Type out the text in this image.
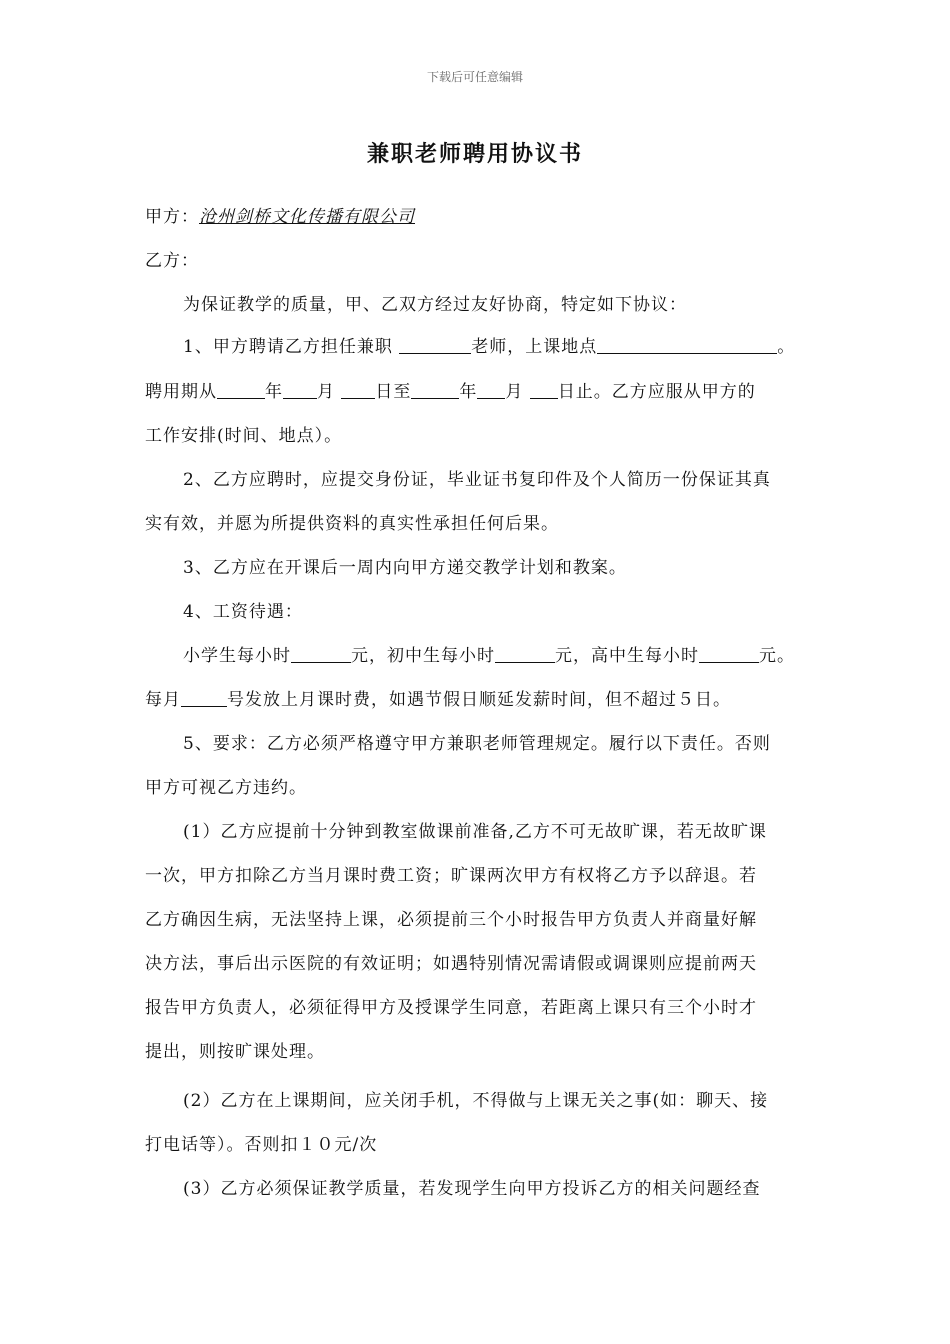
下载后可任意编辑
兼职老师聘用协议书
甲方：沧州剑桥文化传播有限公司
乙方：
为保证教学的质量，甲、乙双方经过友好协商，特定如下协议：
1、甲方聘请乙方担任兼职	老师，上课地点	。
聘用期从	年 月 日至	年 月 日止。乙方应服从甲方的
工作安排(时间、地点）。
2、乙方应聘时，应提交身份证，毕业证书复印件及个人简历一份保证其真
实有效，并愿为所提供资料的真实性承担任何后果。
3、乙方应在开课后一周内向甲方递交教学计划和教案。
4、工资待遇：
小学生每小时	元，初中生每小时	元，高中生每小时	元。
每月	号发放上月课时费，如遇节假日顺延发薪时间，但不超过５日。
5、要求：乙方必须严格遵守甲方兼职老师管理规定。履行以下责任。否则
甲方可视乙方违约。
(1）乙方应提前十分钟到教室做课前准备,乙方不可无故旷课，若无故旷课
一次，甲方扣除乙方当月课时费工资；旷课两次甲方有权将乙方予以辞退。若
乙方确因生病，无法坚持上课，必须提前三个小时报告甲方负责人并商量好解
决方法，事后出示医院的有效证明；如遇特别情况需请假或调课则应提前两天
报告甲方负责人，必须征得甲方及授课学生同意，若距离上课只有三个小时才
提出，则按旷课处理。
(2）乙方在上课期间，应关闭手机，不得做与上课无关之事(如：聊天、接
打电话等）。否则扣１０元/次
(3）乙方必须保证教学质量，若发现学生向甲方投诉乙方的相关问题经查
